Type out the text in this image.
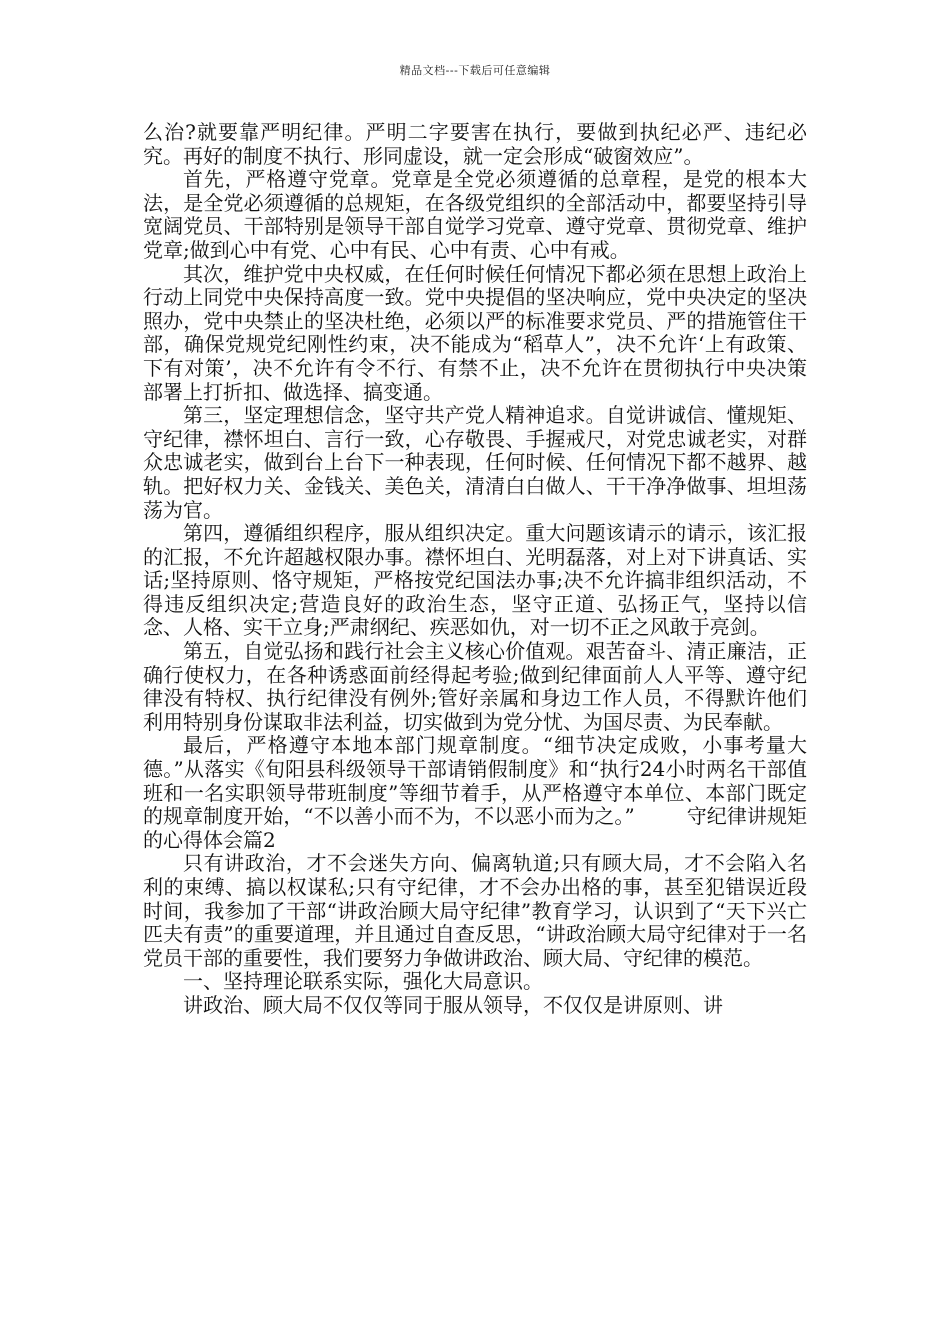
精品文档---下载后可任意编辑

么治?就要靠严明纪律。严明二字要害在执行，要做到执纪必严、违纪必究。再好的制度不执行、形同虚设，就一定会形成“破窗效应”。

首先，严格遵守党章。党章是全党必须遵循的总章程，是党的根本大法，是全党必须遵循的总规矩，在各级党组织的全部活动中，都要坚持引导宽阔党员、干部特别是领导干部自觉学习党章、遵守党章、贯彻党章、维护党章;做到心中有党、心中有民、心中有责、心中有戒。

其次，维护党中央权威，在任何时候任何情况下都必须在思想上政治上行动上同党中央保持高度一致。党中央提倡的坚决响应，党中央决定的坚决照办，党中央禁止的坚决杜绝，必须以严的标准要求党员、严的措施管住干部，确保党规党纪刚性约束，决不能成为“稻草人”，决不允许‘上有政策、下有对策’，决不允许有令不行、有禁不止，决不允许在贯彻执行中央决策部署上打折扣、做选择、搞变通。

第三，坚定理想信念，坚守共产党人精神追求。自觉讲诚信、懂规矩、守纪律，襟怀坦白、言行一致，心存敬畏、手握戒尺，对党忠诚老实，对群众忠诚老实，做到台上台下一种表现，任何时候、任何情况下都不越界、越轨。把好权力关、金钱关、美色关，清清白白做人、干干净净做事、坦坦荡荡为官。

第四，遵循组织程序，服从组织决定。重大问题该请示的请示，该汇报的汇报，不允许超越权限办事。襟怀坦白、光明磊落，对上对下讲真话、实话;坚持原则、恪守规矩，严格按党纪国法办事;决不允许搞非组织活动，不得违反组织决定;营造良好的政治生态，坚守正道、弘扬正气，坚持以信念、人格、实干立身;严肃纲纪、疾恶如仇，对一切不正之风敢于亮剑。

第五，自觉弘扬和践行社会主义核心价值观。艰苦奋斗、清正廉洁，正确行使权力，在各种诱惑面前经得起考验;做到纪律面前人人平等、遵守纪律没有特权、执行纪律没有例外;管好亲属和身边工作人员，不得默许他们利用特别身份谋取非法利益，切实做到为党分忧、为国尽责、为民奉献。

最后，严格遵守本地本部门规章制度。“细节决定成败，小事考量大德。”从落实《旬阳县科级领导干部请销假制度》和“执行24小时两名干部值班和一名实职领导带班制度”等细节着手，从严格遵守本单位、本部门既定的规章制度开始，“不以善小而不为，不以恶小而为之。”	守纪律讲规矩的心得体会篇2

只有讲政治，才不会迷失方向、偏离轨道;只有顾大局，才不会陷入名利的束缚、搞以权谋私;只有守纪律，才不会办出格的事，甚至犯错误近段时间，我参加了干部“讲政治顾大局守纪律”教育学习，认识到了“天下兴亡匹夫有责”的重要道理，并且通过自查反思，“讲政治顾大局守纪律对于一名党员干部的重要性，我们要努力争做讲政治、顾大局、守纪律的模范。

一、坚持理论联系实际，强化大局意识。

讲政治、顾大局不仅仅等同于服从领导，不仅仅是讲原则、讲
